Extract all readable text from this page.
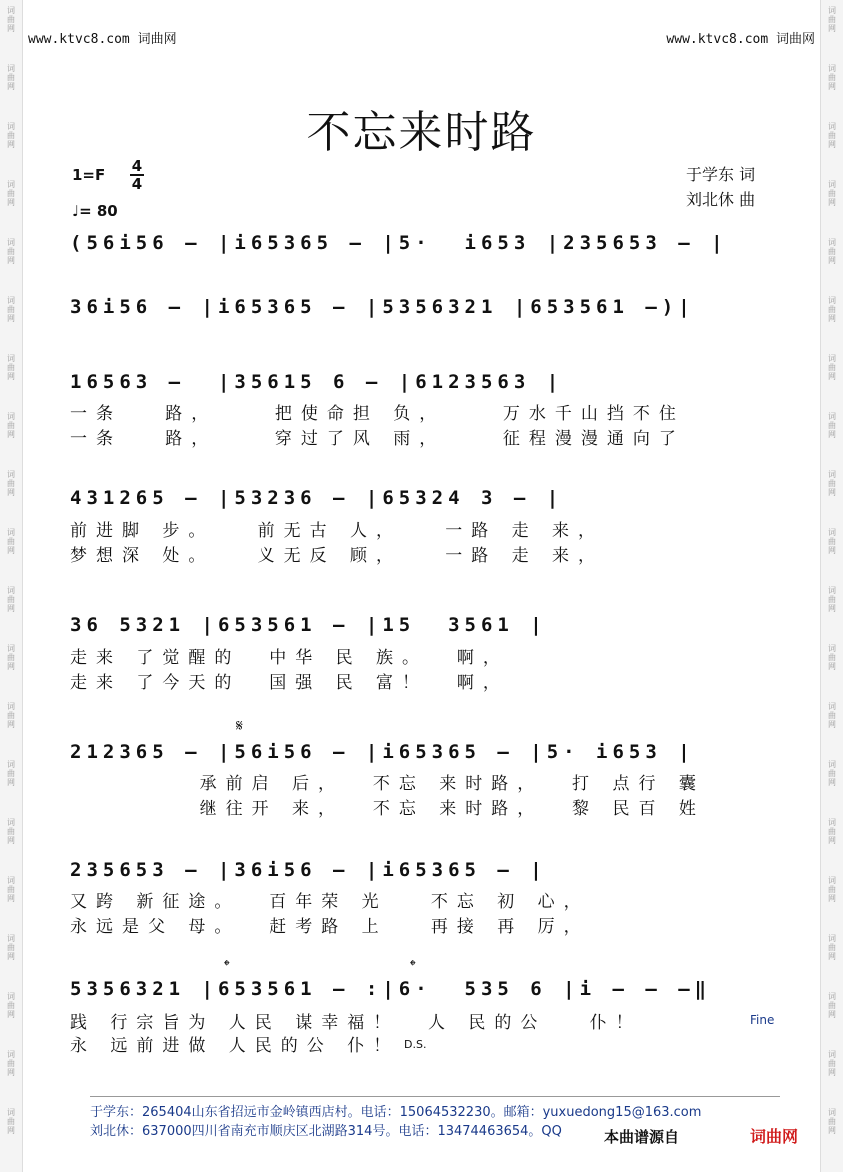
词
曲
网
词
曲
网
词
曲
网
词
曲
网
词
曲
网
词
曲
网
词
曲
网
词
曲
网
词
曲
网
词
曲
网
词
曲
网
词
曲
网
词
曲
网
词
曲
网
词
曲
网
词
曲
网
词
曲
网
词
曲
网
词
曲
网
词
曲
网
词
曲
网
词
曲
网
词
曲
网
词
曲
网
词
曲
网
词
曲
网
词
曲
网
词
曲
网
词
曲
网
词
曲
网
词
曲
网
词
曲
网
词
曲
网
词
曲
网
词
曲
网
词
曲
网
词
曲
网
词
曲
网
词
曲
网
词
曲
网
www.ktvc8.com 词曲网	www.ktvc8.com 词曲网
不忘来时路
1=F 4
4
♩= 80
于学东 词
刘北休 曲
(56i56 – |i65365 – |5·  i653 |235653 – |
36i56 – |i65365 – |5356321 |653561 –)|
16563 –  |35615 6 – |6123563 |
一条   路，    把使命担 负，    万水千山挡不住
一条   路，    穿过了风 雨，    征程漫漫通向了
431265 – |53236 – |65324 3 – |
前进脚 步。   前无古 人，   一路 走 来，
梦想深 处。   义无反 顾，   一路 走 来，
36 5321 |653561 – |15  3561 |
走来 了觉醒的  中华 民 族。  啊，
走来 了今天的  国强 民 富！  啊，
𝄋
212365 – |56i56 – |i65365 – |5· i653 |
承前启 后，  不忘 来时路，  打 点行 囊
继往开 来，  不忘 来时路，  黎 民百 姓
235653 – |36i56 – |i65365 – |
又跨 新征途。  百年荣 光   不忘 初 心，
永远是父 母。  赶考路 上   再接 再 厉，
𝄌	𝄌
5356321 |653561 – :|6·  535 6 |i – – –‖
践 行宗旨为 人民 谋幸福！  人 民的公   仆！
永 远前进做 人民的公 仆！
Fine
D.S.
于学东：265404山东省招远市金岭镇西店村。电话：15064532230。邮箱：yuxuedong15@163.com
刘北休：637000四川省南充市顺庆区北湖路314号。电话：13474463654。QQ	本曲谱源自	词曲网
